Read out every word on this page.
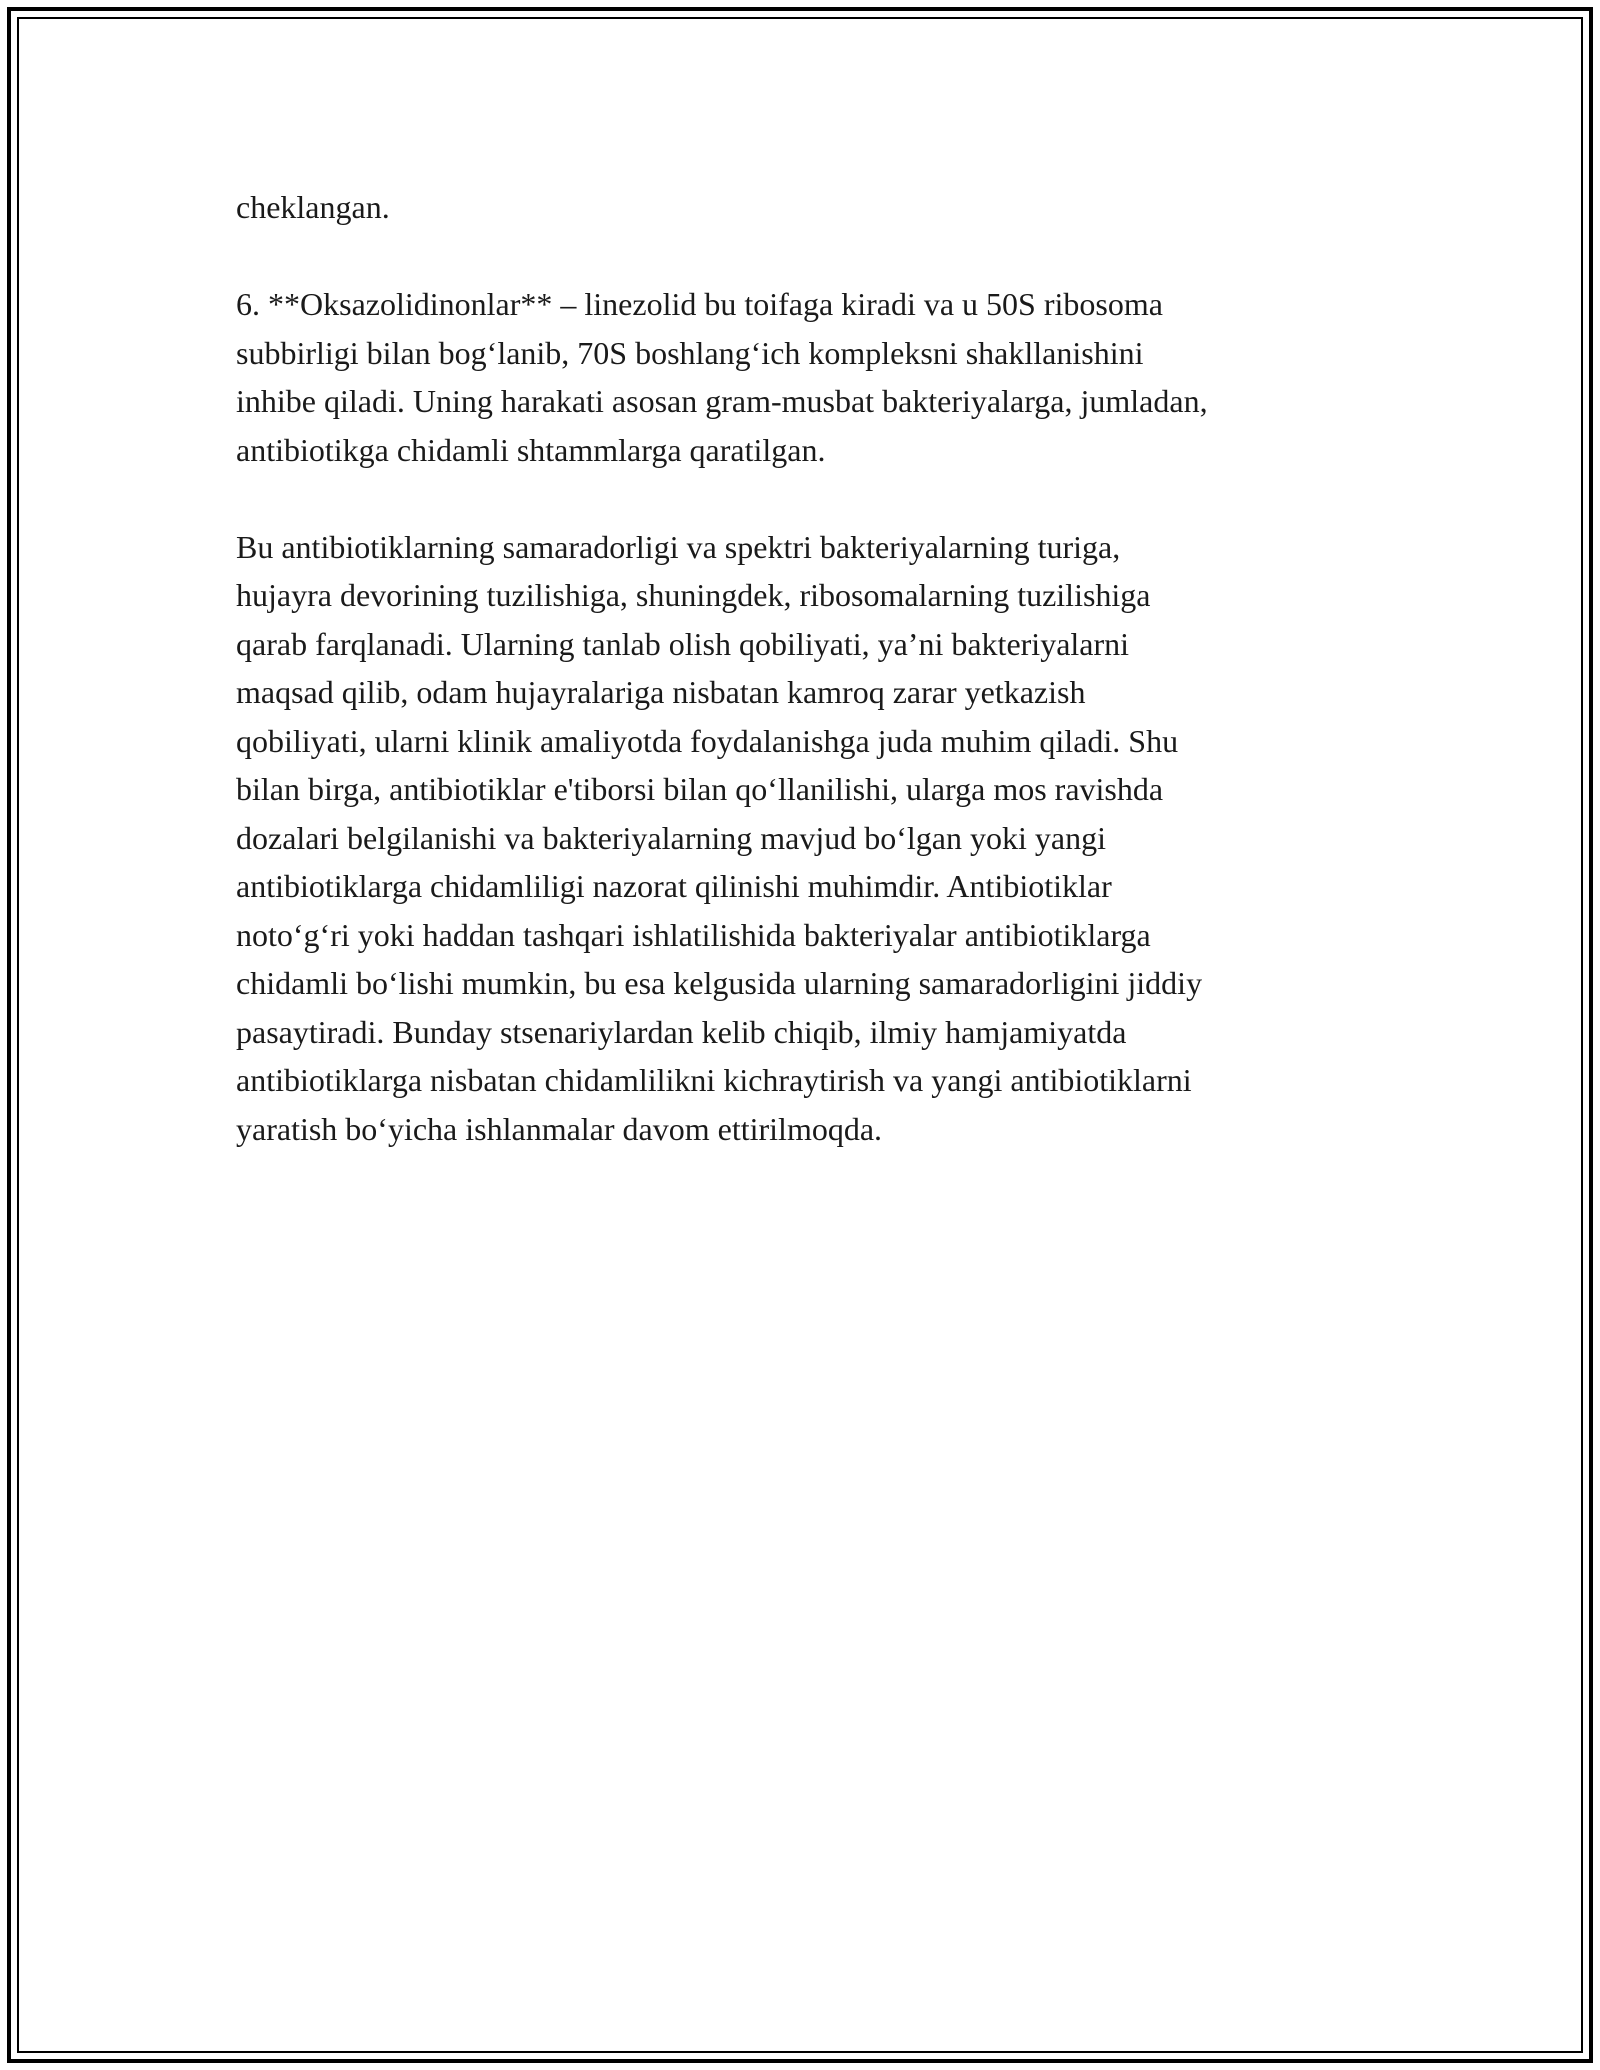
cheklangan.

6. **Oksazolidinonlar** – linezolid bu toifaga kiradi va u 50S ribosoma
subbirligi bilan bog‘lanib, 70S boshlang‘ich kompleksni shakllanishini
inhibe qiladi. Uning harakati asosan gram-musbat bakteriyalarga, jumladan,
antibiotikga chidamli shtammlarga qaratilgan.

Bu antibiotiklarning samaradorligi va spektri bakteriyalarning turiga,
hujayra devorining tuzilishiga, shuningdek, ribosomalarning tuzilishiga
qarab farqlanadi. Ularning tanlab olish qobiliyati, ya’ni bakteriyalarni
maqsad qilib, odam hujayralariga nisbatan kamroq zarar yetkazish
qobiliyati, ularni klinik amaliyotda foydalanishga juda muhim qiladi. Shu
bilan birga, antibiotiklar e'tiborsi bilan qo‘llanilishi, ularga mos ravishda
dozalari belgilanishi va bakteriyalarning mavjud bo‘lgan yoki yangi
antibiotiklarga chidamliligi nazorat qilinishi muhimdir. Antibiotiklar
noto‘g‘ri yoki haddan tashqari ishlatilishida bakteriyalar antibiotiklarga
chidamli bo‘lishi mumkin, bu esa kelgusida ularning samaradorligini jiddiy
pasaytiradi. Bunday stsenariylardan kelib chiqib, ilmiy hamjamiyatda
antibiotiklarga nisbatan chidamlilikni kichraytirish va yangi antibiotiklarni
yaratish bo‘yicha ishlanmalar davom ettirilmoqda.
